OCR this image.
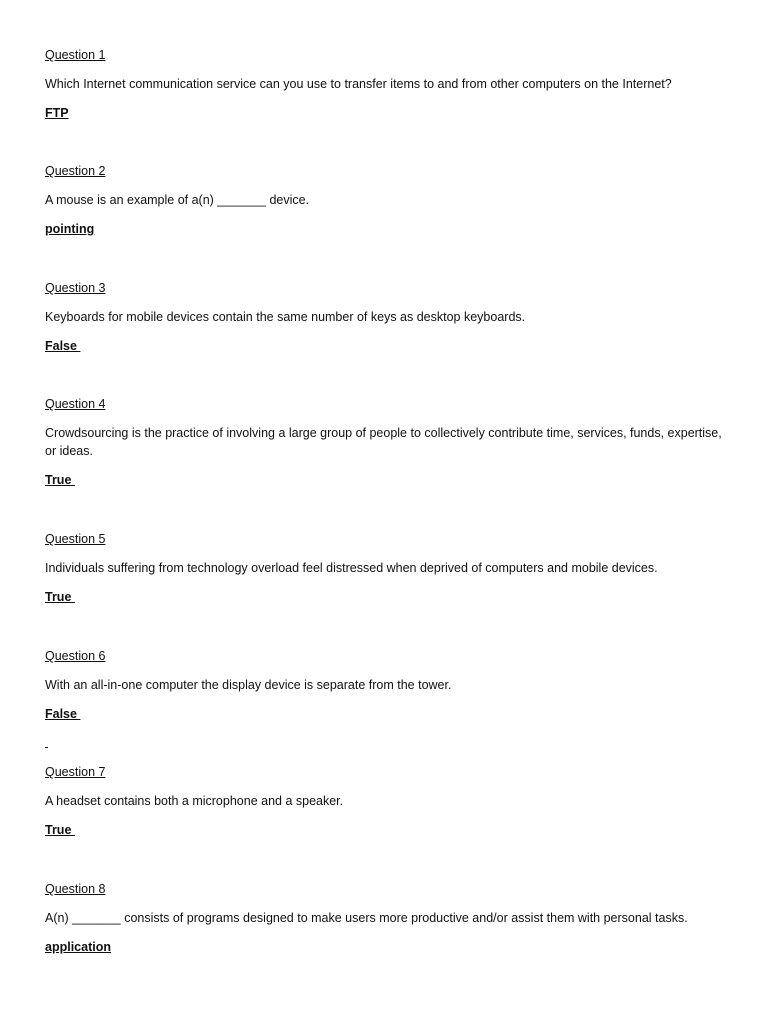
Question 1
Which Internet communication service can you use to transfer items to and from other computers on the Internet?
FTP
Question 2
A mouse is an example of a(n) _______ device.
pointing
Question 3
Keyboards for mobile devices contain the same number of keys as desktop keyboards.
False
Question 4
Crowdsourcing is the practice of involving a large group of people to collectively contribute time, services, funds, expertise, or ideas.
True
Question 5
Individuals suffering from technology overload feel distressed when deprived of computers and mobile devices.
True
Question 6
With an all-in-one computer the display device is separate from the tower.
False
Question 7
A headset contains both a microphone and a speaker.
True
Question 8
A(n) _______ consists of programs designed to make users more productive and/or assist them with personal tasks.
application
